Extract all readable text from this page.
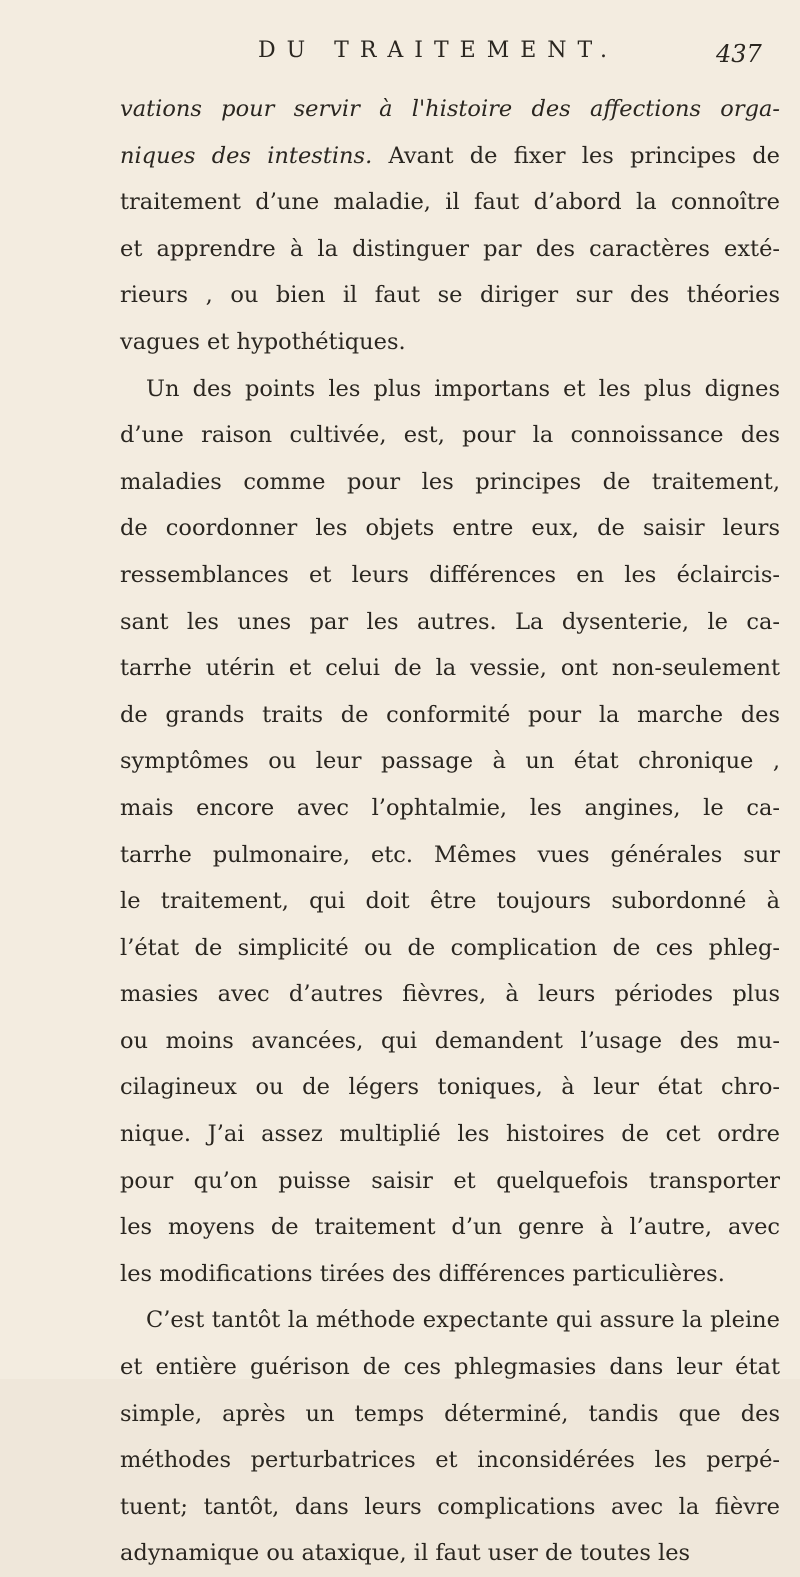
DU TRAITEMENT.	437
vations pour servir à l'histoire des affections orga-
niques des intestins. Avant de fixer les principes de
traitement d’une maladie, il faut d’abord la connoître
et apprendre à la distinguer par des caractères exté-
rieurs , ou bien il faut se diriger sur des théories
vagues et hypothétiques.
Un des points les plus importans et les plus dignes
d’une raison cultivée, est, pour la connoissance des
maladies comme pour les principes de traitement,
de coordonner les objets entre eux, de saisir leurs
ressemblances et leurs différences en les éclaircis-
sant les unes par les autres. La dysenterie, le ca-
tarrhe utérin et celui de la vessie, ont non-seulement
de grands traits de conformité pour la marche des
symptômes ou leur passage à un état chronique ,
mais encore avec l’ophtalmie, les angines, le ca-
tarrhe pulmonaire, etc. Mêmes vues générales sur
le traitement, qui doit être toujours subordonné à
l’état de simplicité ou de complication de ces phleg-
masies avec d’autres fièvres, à leurs périodes plus
ou moins avancées, qui demandent l’usage des mu-
cilagineux ou de légers toniques, à leur état chro-
nique. J’ai assez multiplié les histoires de cet ordre
pour qu’on puisse saisir et quelquefois transporter
les moyens de traitement d’un genre à l’autre, avec
les modifications tirées des différences particulières.
C’est tantôt la méthode expectante qui assure la pleine
et entière guérison de ces phlegmasies dans leur état
simple, après un temps déterminé, tandis que des
méthodes perturbatrices et inconsidérées les perpé-
tuent; tantôt, dans leurs complications avec la fièvre
adynamique ou ataxique, il faut user de toutes les
